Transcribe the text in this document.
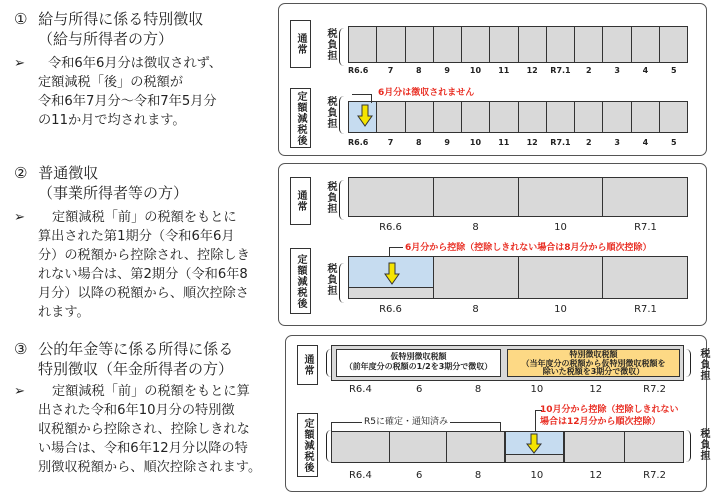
① 給与所得に係る特別徴収
（給与所得者の方）
➢	令和6年6月分は徴収されず、
定額減税「後」の税額が
令和6年7月分～令和7年5月分
の11か月で均されます。
② 普通徴収
（事業所得者等の方）
➢	定額減税「前」の税額をもとに
算出された第1期分（令和6年6月
分）の税額から控除され、控除しき
れない場合は、第2期分（令和6年8
月分）以降の税額から、順次控除さ
れます。
③ 公的年金等に係る所得に係る
特別徴収（年金所得者の方）
➢	定額減税「前」の税額をもとに算
出された令和6年10月分の特別徴
収税額から控除され、控除しきれな
い場合は、令和6年12月分以降の特
別徴収税額から、順次控除されます。
通常	税負担
R6.6	7	8	9	10	11	12	R7.1	2	3	4	5
定額減税後	税負担
6月分は徴収されません
R6.6	7	8	9	10	11	12	R7.1	2	3	4	5
通常	税負担
R6.6	8	10	R7.1
定額減税後	税負担
6月分から控除（控除しきれない場合は8月分から順次控除）
R6.6	8	10	R7.1
通常	仮特別徴収税額
（前年度分の税額の1/2を3期分で徴収）
特別徴収税額
（当年度分の税額から仮特別徴収税額を
除いた税額を3期分で徴収）	税負担
R6.4	6	8	10	12	R7.2
定額減税後	税負担
R5に確定・通知済み
10月分から控除（控除しきれない
場合は12月分から順次控除）
R6.4	6	8	10	12	R7.2
